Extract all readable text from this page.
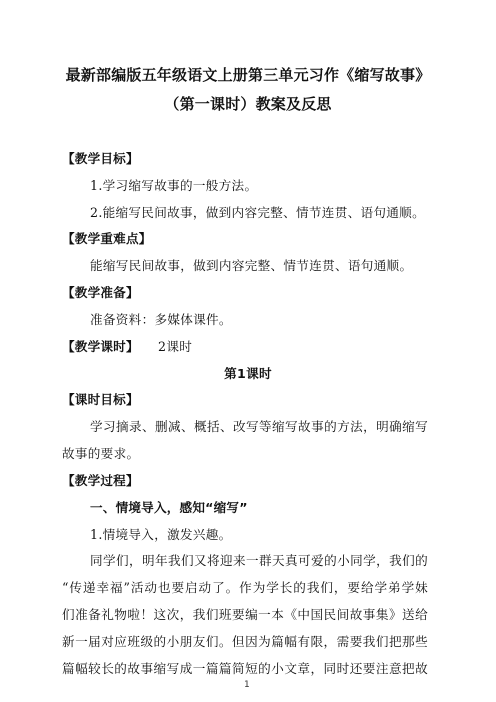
最新部编版五年级语文上册第三单元习作《缩写故事》
（第一课时）教案及反思
【教学目标】
1.学习缩写故事的一般方法。
2.能缩写民间故事，做到内容完整、情节连贯、语句通顺。
【教学重难点】
能缩写民间故事，做到内容完整、情节连贯、语句通顺。
【教学准备】
准备资料：多媒体课件。
【教学课时】 2课时
第1课时
【课时目标】
学习摘录、删减、概括、改写等缩写故事的方法，明确缩写
故事的要求。
【教学过程】
一、情境导入，感知“缩写”
1.情境导入，激发兴趣。
同学们，明年我们又将迎来一群天真可爱的小同学，我们的
“传递幸福”活动也要启动了。作为学长的我们，要给学弟学妹
们准备礼物啦！这次，我们班要编一本《中国民间故事集》送给
新一届对应班级的小朋友们。但因为篇幅有限，需要我们把那些
篇幅较长的故事缩写成一篇篇简短的小文章，同时还要注意把故
1
